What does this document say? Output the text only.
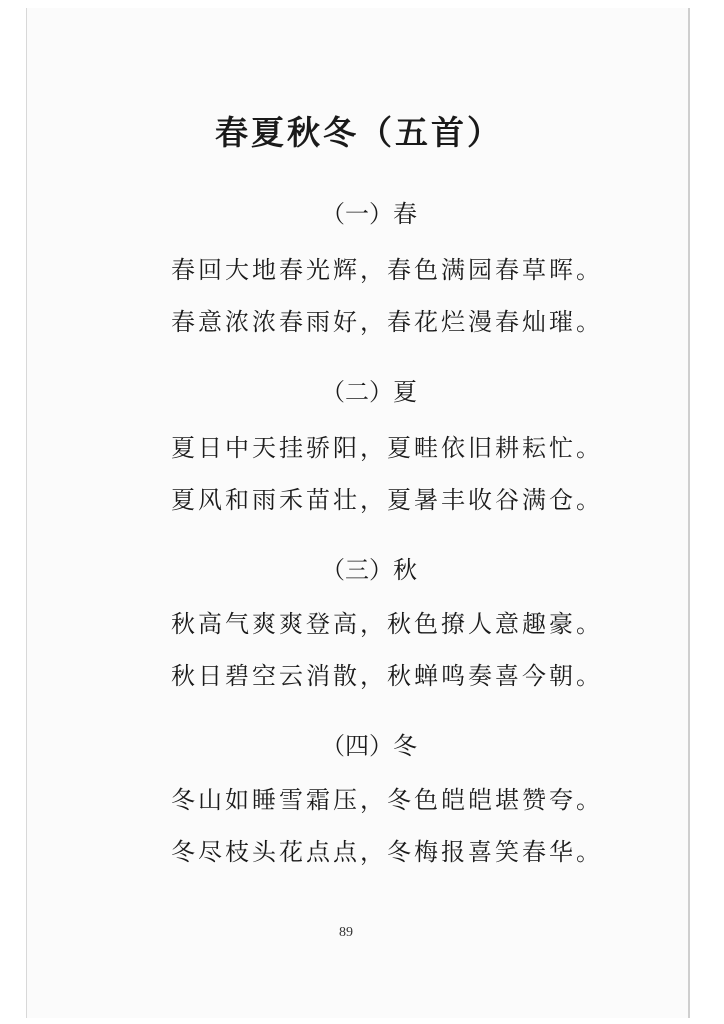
春夏秋冬（五首）
（一）春
春回大地春光辉，春色满园春草晖。
春意浓浓春雨好，春花烂漫春灿璀。
（二）夏
夏日中天挂骄阳，夏畦依旧耕耘忙。
夏风和雨禾苗壮，夏暑丰收谷满仓。
（三）秋
秋高气爽爽登高，秋色撩人意趣豪。
秋日碧空云消散，秋蝉鸣奏喜今朝。
（四）冬
冬山如睡雪霜压，冬色皑皑堪赞夸。
冬尽枝头花点点，冬梅报喜笑春华。
89
